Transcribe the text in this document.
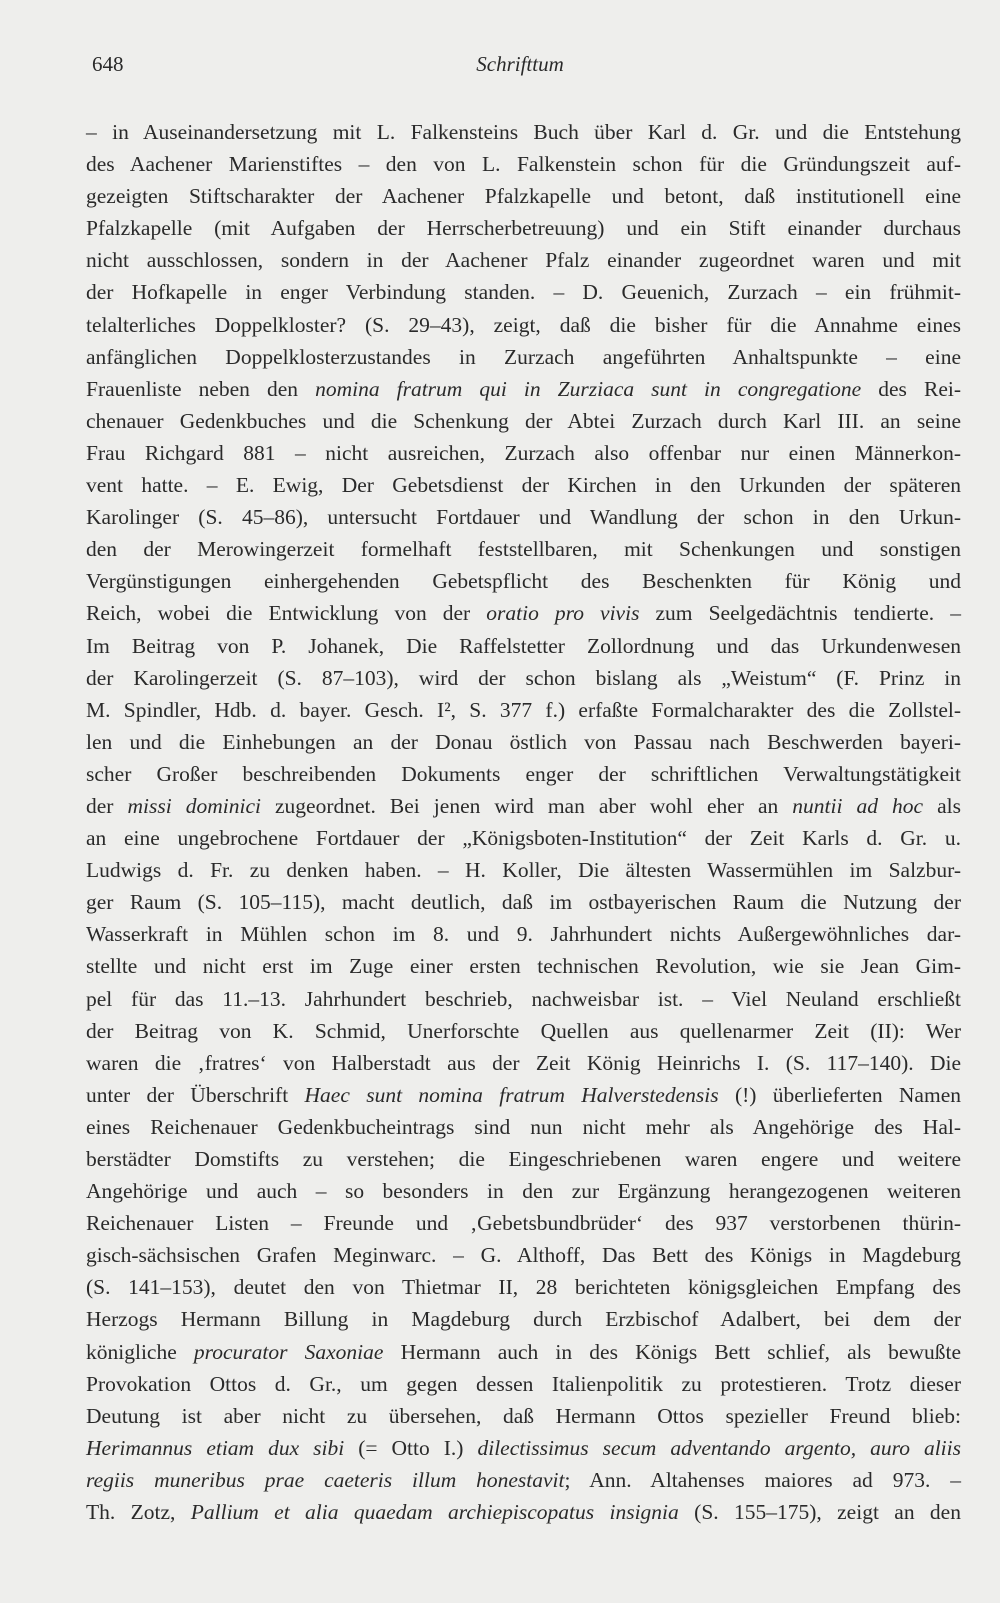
648	Schrifttum
– in Auseinandersetzung mit L. Falkensteins Buch über Karl d. Gr. und die Entstehung
des Aachener Marienstiftes – den von L. Falkenstein schon für die Gründungszeit auf-
gezeigten Stiftscharakter der Aachener Pfalzkapelle und betont, daß institutionell eine
Pfalzkapelle (mit Aufgaben der Herrscherbetreuung) und ein Stift einander durchaus
nicht ausschlossen, sondern in der Aachener Pfalz einander zugeordnet waren und mit
der Hofkapelle in enger Verbindung standen. – D. Geuenich, Zurzach – ein frühmit-
telalterliches Doppelkloster? (S. 29–43), zeigt, daß die bisher für die Annahme eines
anfänglichen Doppelklosterzustandes in Zurzach angeführten Anhaltspunkte – eine
Frauenliste neben den nomina fratrum qui in Zurziaca sunt in congregatione des Rei-
chenauer Gedenkbuches und die Schenkung der Abtei Zurzach durch Karl III. an seine
Frau Richgard 881 – nicht ausreichen, Zurzach also offenbar nur einen Männerkon-
vent hatte. – E. Ewig, Der Gebetsdienst der Kirchen in den Urkunden der späteren
Karolinger (S. 45–86), untersucht Fortdauer und Wandlung der schon in den Urkun-
den der Merowingerzeit formelhaft feststellbaren, mit Schenkungen und sonstigen
Vergünstigungen einhergehenden Gebetspflicht des Beschenkten für König und
Reich, wobei die Entwicklung von der oratio pro vivis zum Seelgedächtnis tendierte. –
Im Beitrag von P. Johanek, Die Raffelstetter Zollordnung und das Urkundenwesen
der Karolingerzeit (S. 87–103), wird der schon bislang als „Weistum“ (F. Prinz in
M. Spindler, Hdb. d. bayer. Gesch. I², S. 377 f.) erfaßte Formalcharakter des die Zollstel-
len und die Einhebungen an der Donau östlich von Passau nach Beschwerden bayeri-
scher Großer beschreibenden Dokuments enger der schriftlichen Verwaltungstätigkeit
der missi dominici zugeordnet. Bei jenen wird man aber wohl eher an nuntii ad hoc als
an eine ungebrochene Fortdauer der „Königsboten-Institution“ der Zeit Karls d. Gr. u.
Ludwigs d. Fr. zu denken haben. – H. Koller, Die ältesten Wassermühlen im Salzbur-
ger Raum (S. 105–115), macht deutlich, daß im ostbayerischen Raum die Nutzung der
Wasserkraft in Mühlen schon im 8. und 9. Jahrhundert nichts Außergewöhnliches dar-
stellte und nicht erst im Zuge einer ersten technischen Revolution, wie sie Jean Gim-
pel für das 11.–13. Jahrhundert beschrieb, nachweisbar ist. – Viel Neuland erschließt
der Beitrag von K. Schmid, Unerforschte Quellen aus quellenarmer Zeit (II): Wer
waren die ‚fratres‘ von Halberstadt aus der Zeit König Heinrichs I. (S. 117–140). Die
unter der Überschrift Haec sunt nomina fratrum Halverstedensis (!) überlieferten Namen
eines Reichenauer Gedenkbucheintrags sind nun nicht mehr als Angehörige des Hal-
berstädter Domstifts zu verstehen; die Eingeschriebenen waren engere und weitere
Angehörige und auch – so besonders in den zur Ergänzung herangezogenen weiteren
Reichenauer Listen – Freunde und ‚Gebetsbundbrüder‘ des 937 verstorbenen thürin-
gisch-sächsischen Grafen Meginwarc. – G. Althoff, Das Bett des Königs in Magdeburg
(S. 141–153), deutet den von Thietmar II, 28 berichteten königsgleichen Empfang des
Herzogs Hermann Billung in Magdeburg durch Erzbischof Adalbert, bei dem der
königliche procurator Saxoniae Hermann auch in des Königs Bett schlief, als bewußte
Provokation Ottos d. Gr., um gegen dessen Italienpolitik zu protestieren. Trotz dieser
Deutung ist aber nicht zu übersehen, daß Hermann Ottos spezieller Freund blieb:
Herimannus etiam dux sibi (= Otto I.) dilectissimus secum adventando argento, auro aliis
regiis muneribus prae caeteris illum honestavit; Ann. Altahenses maiores ad 973. –
Th. Zotz, Pallium et alia quaedam archiepiscopatus insignia (S. 155–175), zeigt an den
